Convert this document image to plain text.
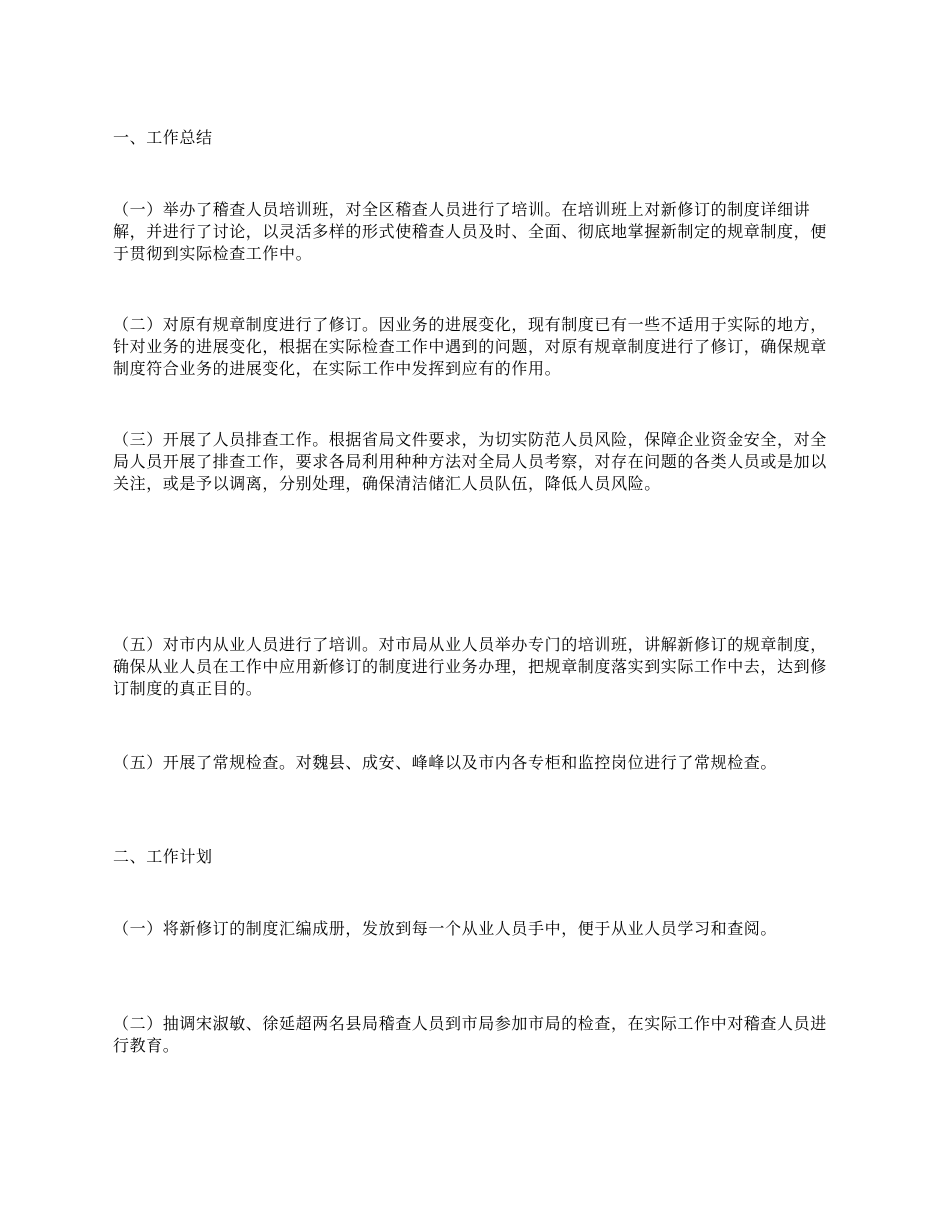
一、工作总结

（一）举办了稽查人员培训班，对全区稽查人员进行了培训。在培训班上对新修订的制度详细讲解，并进行了讨论，以灵活多样的形式使稽查人员及时、全面、彻底地掌握新制定的规章制度，便于贯彻到实际检查工作中。

（二）对原有规章制度进行了修订。因业务的进展变化，现有制度已有一些不适用于实际的地方，针对业务的进展变化，根据在实际检查工作中遇到的问题，对原有规章制度进行了修订，确保规章制度符合业务的进展变化，在实际工作中发挥到应有的作用。

（三）开展了人员排查工作。根据省局文件要求，为切实防范人员风险，保障企业资金安全，对全局人员开展了排查工作，要求各局利用种种方法对全局人员考察，对存在问题的各类人员或是加以关注，或是予以调离，分别处理，确保清洁储汇人员队伍，降低人员风险。

（五）对市内从业人员进行了培训。对市局从业人员举办专门的培训班，讲解新修订的规章制度，确保从业人员在工作中应用新修订的制度进行业务办理，把规章制度落实到实际工作中去，达到修订制度的真正目的。

（五）开展了常规检查。对魏县、成安、峰峰以及市内各专柜和监控岗位进行了常规检查。

二、工作计划

（一）将新修订的制度汇编成册，发放到每一个从业人员手中，便于从业人员学习和查阅。

（二）抽调宋淑敏、徐延超两名县局稽查人员到市局参加市局的检查，在实际工作中对稽查人员进行教育。
